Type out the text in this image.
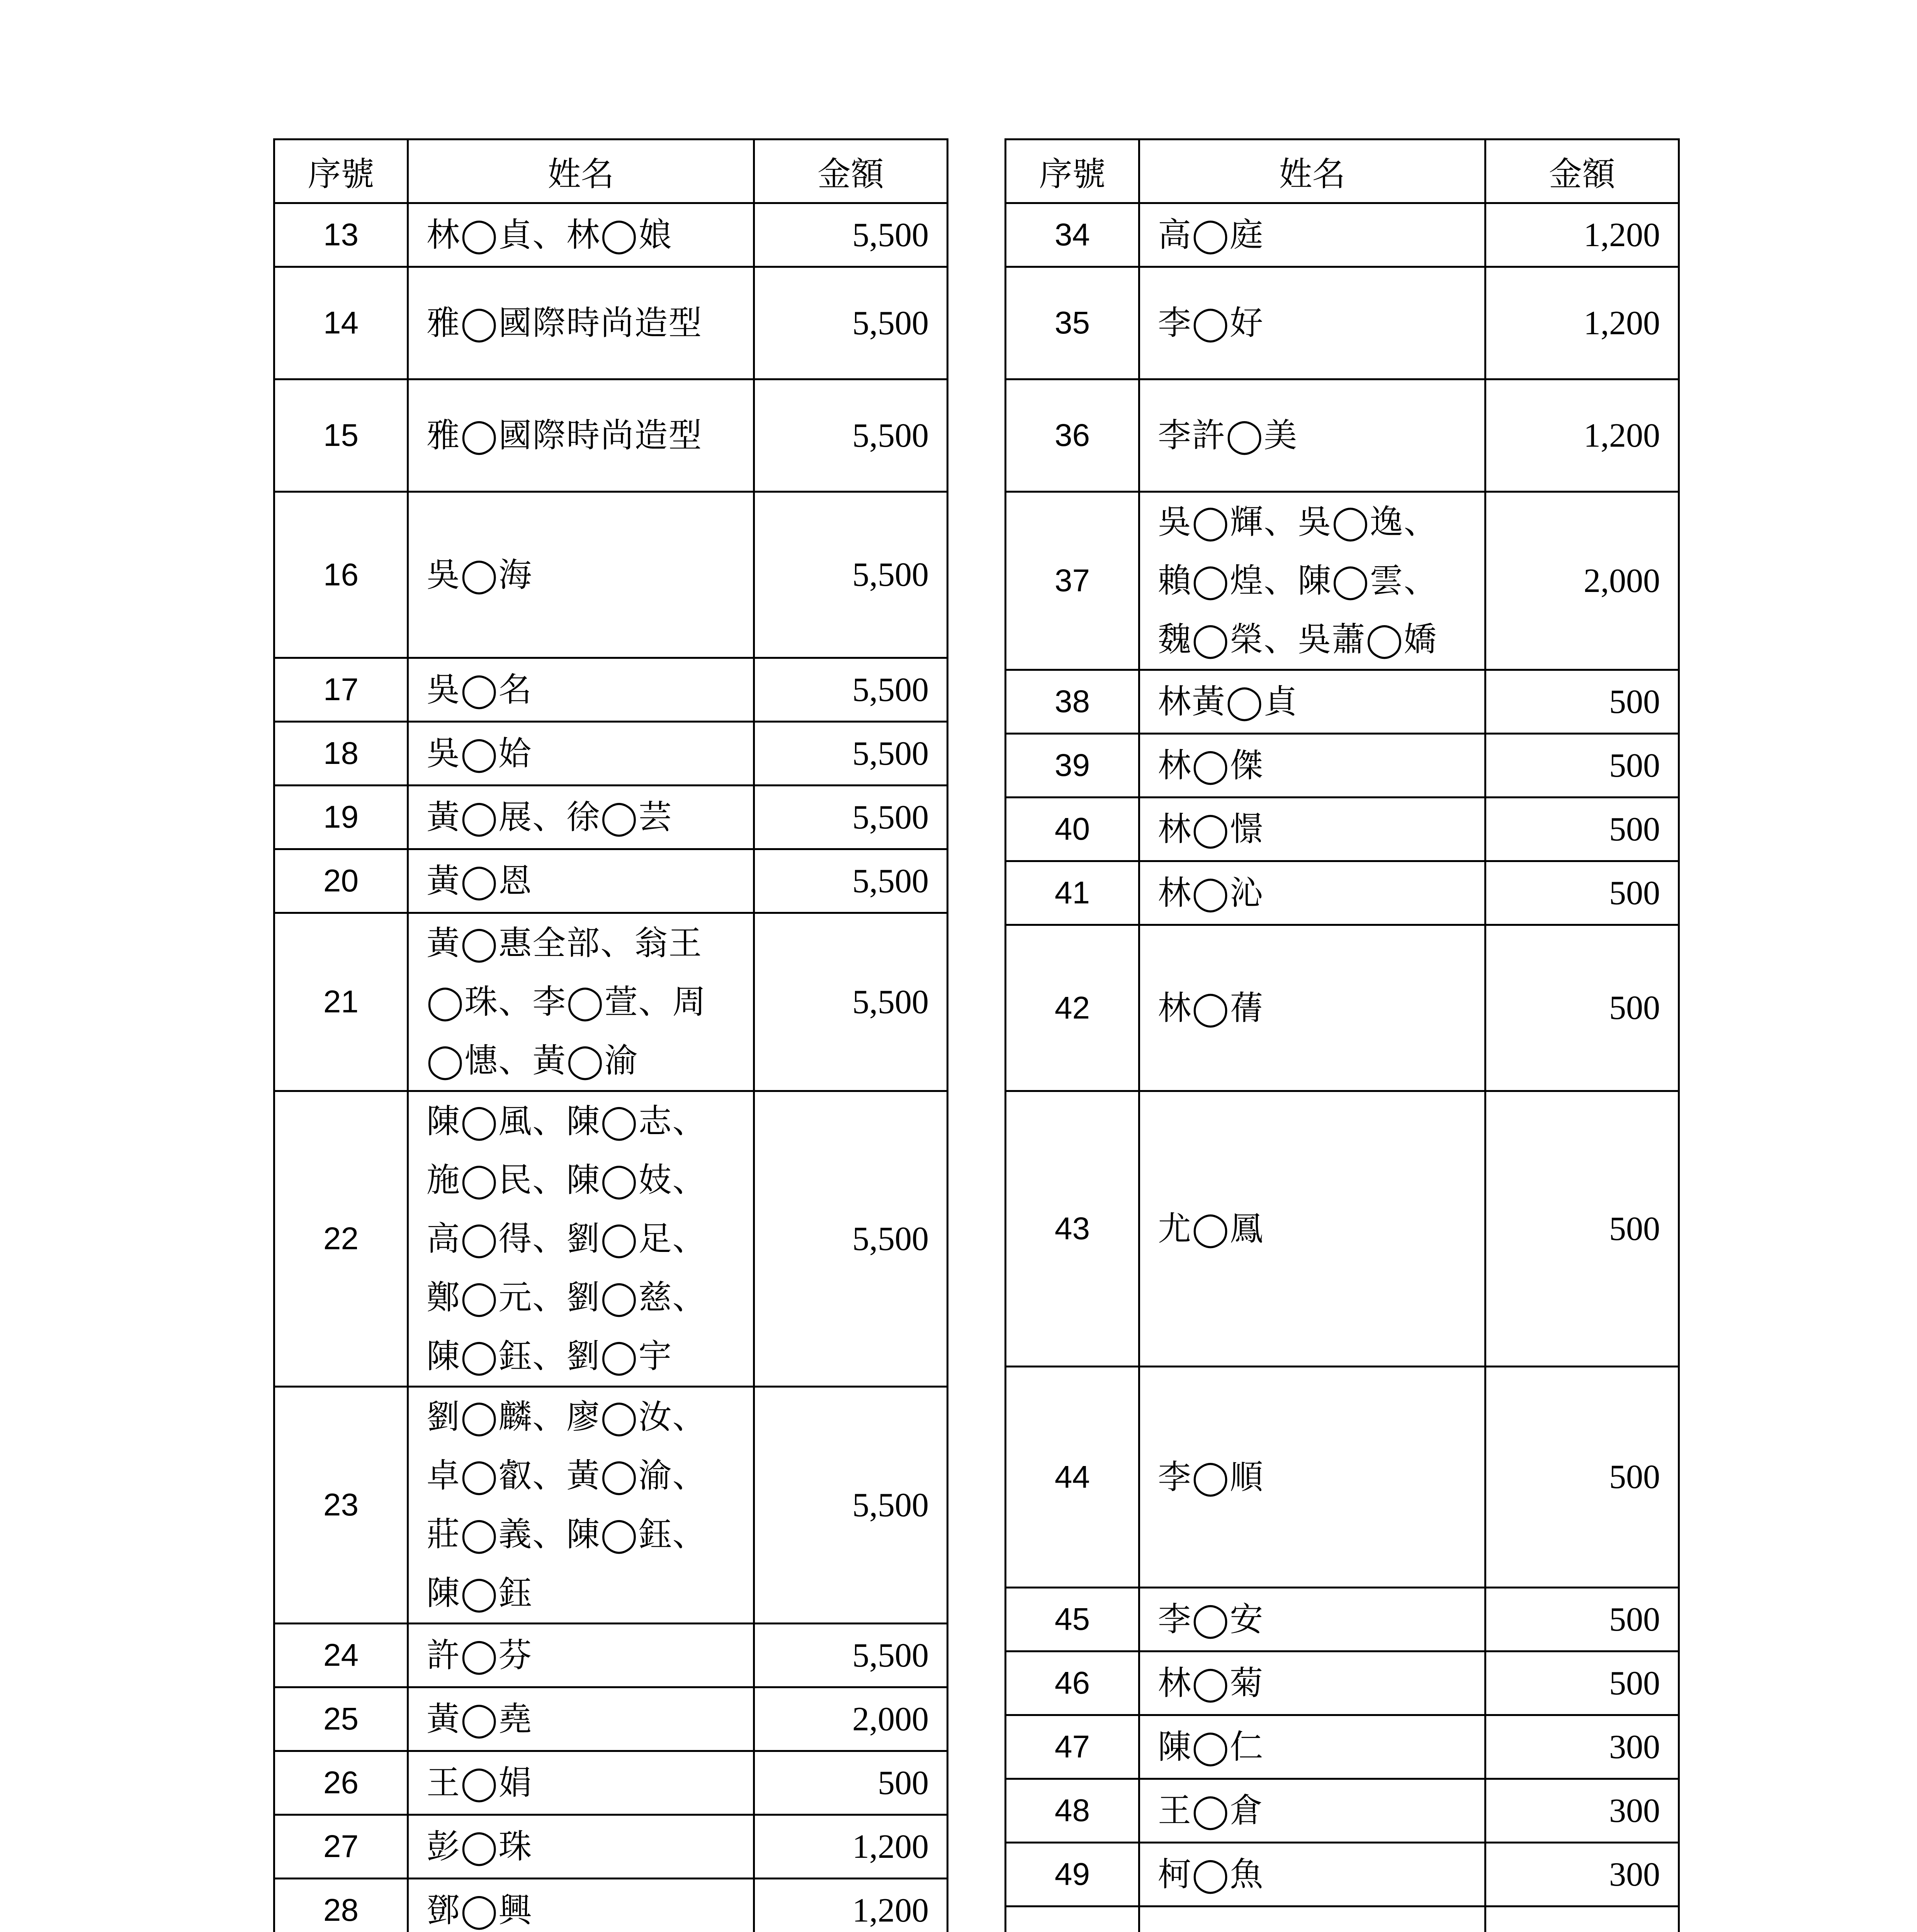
序號	姓名	金額
13	林◯貞、林◯娘	5,500
14	雅◯國際時尚造型	5,500
15	雅◯國際時尚造型	5,500
16	吳◯海	5,500
17	吳◯名	5,500
18	吳◯姶	5,500
19	黃◯展、徐◯芸	5,500
20	黃◯恩	5,500
21	黃◯惠全部、翁王◯珠、李◯萱、周◯憓、黃◯渝	5,500
22	陳◯風、陳◯志、施◯民、陳◯妓、高◯得、劉◯足、鄭◯元、劉◯慈、陳◯鈺、劉◯宇	5,500
23	劉◯麟、廖◯汝、卓◯叡、黃◯渝、莊◯義、陳◯鈺、陳◯鈺	5,500
24	許◯芬	5,500
25	黃◯堯	2,000
26	王◯娟	500
27	彭◯珠	1,200
28	鄧◯興	1,200

序號	姓名	金額
34	高◯庭	1,200
35	李◯好	1,200
36	李許◯美	1,200
37	吳◯輝、吳◯逸、賴◯煌、陳◯雲、魏◯榮、吳蕭◯嬌	2,000
38	林黃◯貞	500
39	林◯傑	500
40	林◯憬	500
41	林◯沁	500
42	林◯蒨	500
43	尤◯鳳	500
44	李◯順	500
45	李◯安	500
46	林◯菊	500
47	陳◯仁	300
48	王◯倉	300
49	柯◯魚	300
